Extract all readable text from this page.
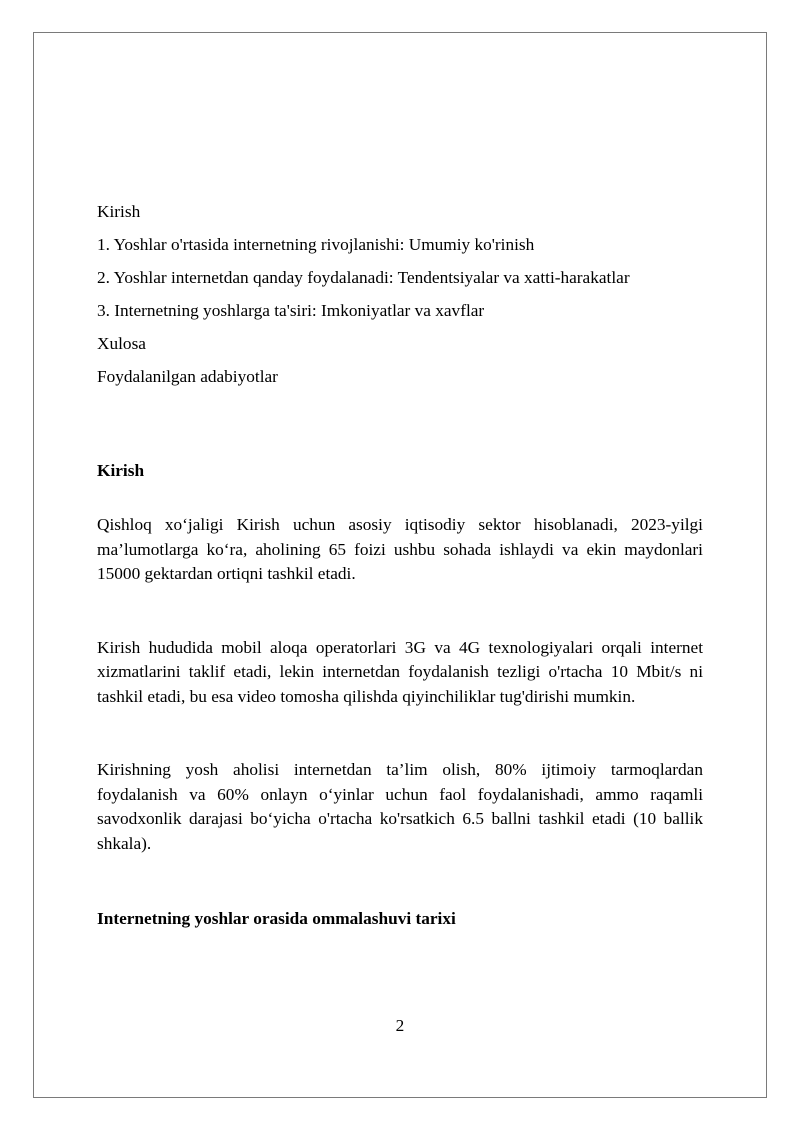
Kirish
1. Yoshlar o'rtasida internetning rivojlanishi: Umumiy ko'rinish
2. Yoshlar internetdan qanday foydalanadi: Tendentsiyalar va xatti-harakatlar
3. Internetning yoshlarga ta'siri: Imkoniyatlar va xavflar
Xulosa
Foydalanilgan adabiyotlar
Kirish

Qishloq xo‘jaligi Kirish uchun asosiy iqtisodiy sektor hisoblanadi, 2023-yilgi ma’lumotlarga ko‘ra, aholining 65 foizi ushbu sohada ishlaydi va ekin maydonlari 15000 gektardan ortiqni tashkil etadi.

Kirish hududida mobil aloqa operatorlari 3G va 4G texnologiyalari orqali internet xizmatlarini taklif etadi, lekin internetdan foydalanish tezligi o'rtacha 10 Mbit/s ni tashkil etadi, bu esa video tomosha qilishda qiyinchiliklar tug'dirishi mumkin.

Kirishning yosh aholisi internetdan ta’lim olish, 80% ijtimoiy tarmoqlardan foydalanish va 60% onlayn o‘yinlar uchun faol foydalanishadi, ammo raqamli savodxonlik darajasi bo‘yicha o'rtacha ko'rsatkich 6.5 ballni tashkil etadi (10 ballik shkala).

Internetning yoshlar orasida ommalashuvi tarixi
2
